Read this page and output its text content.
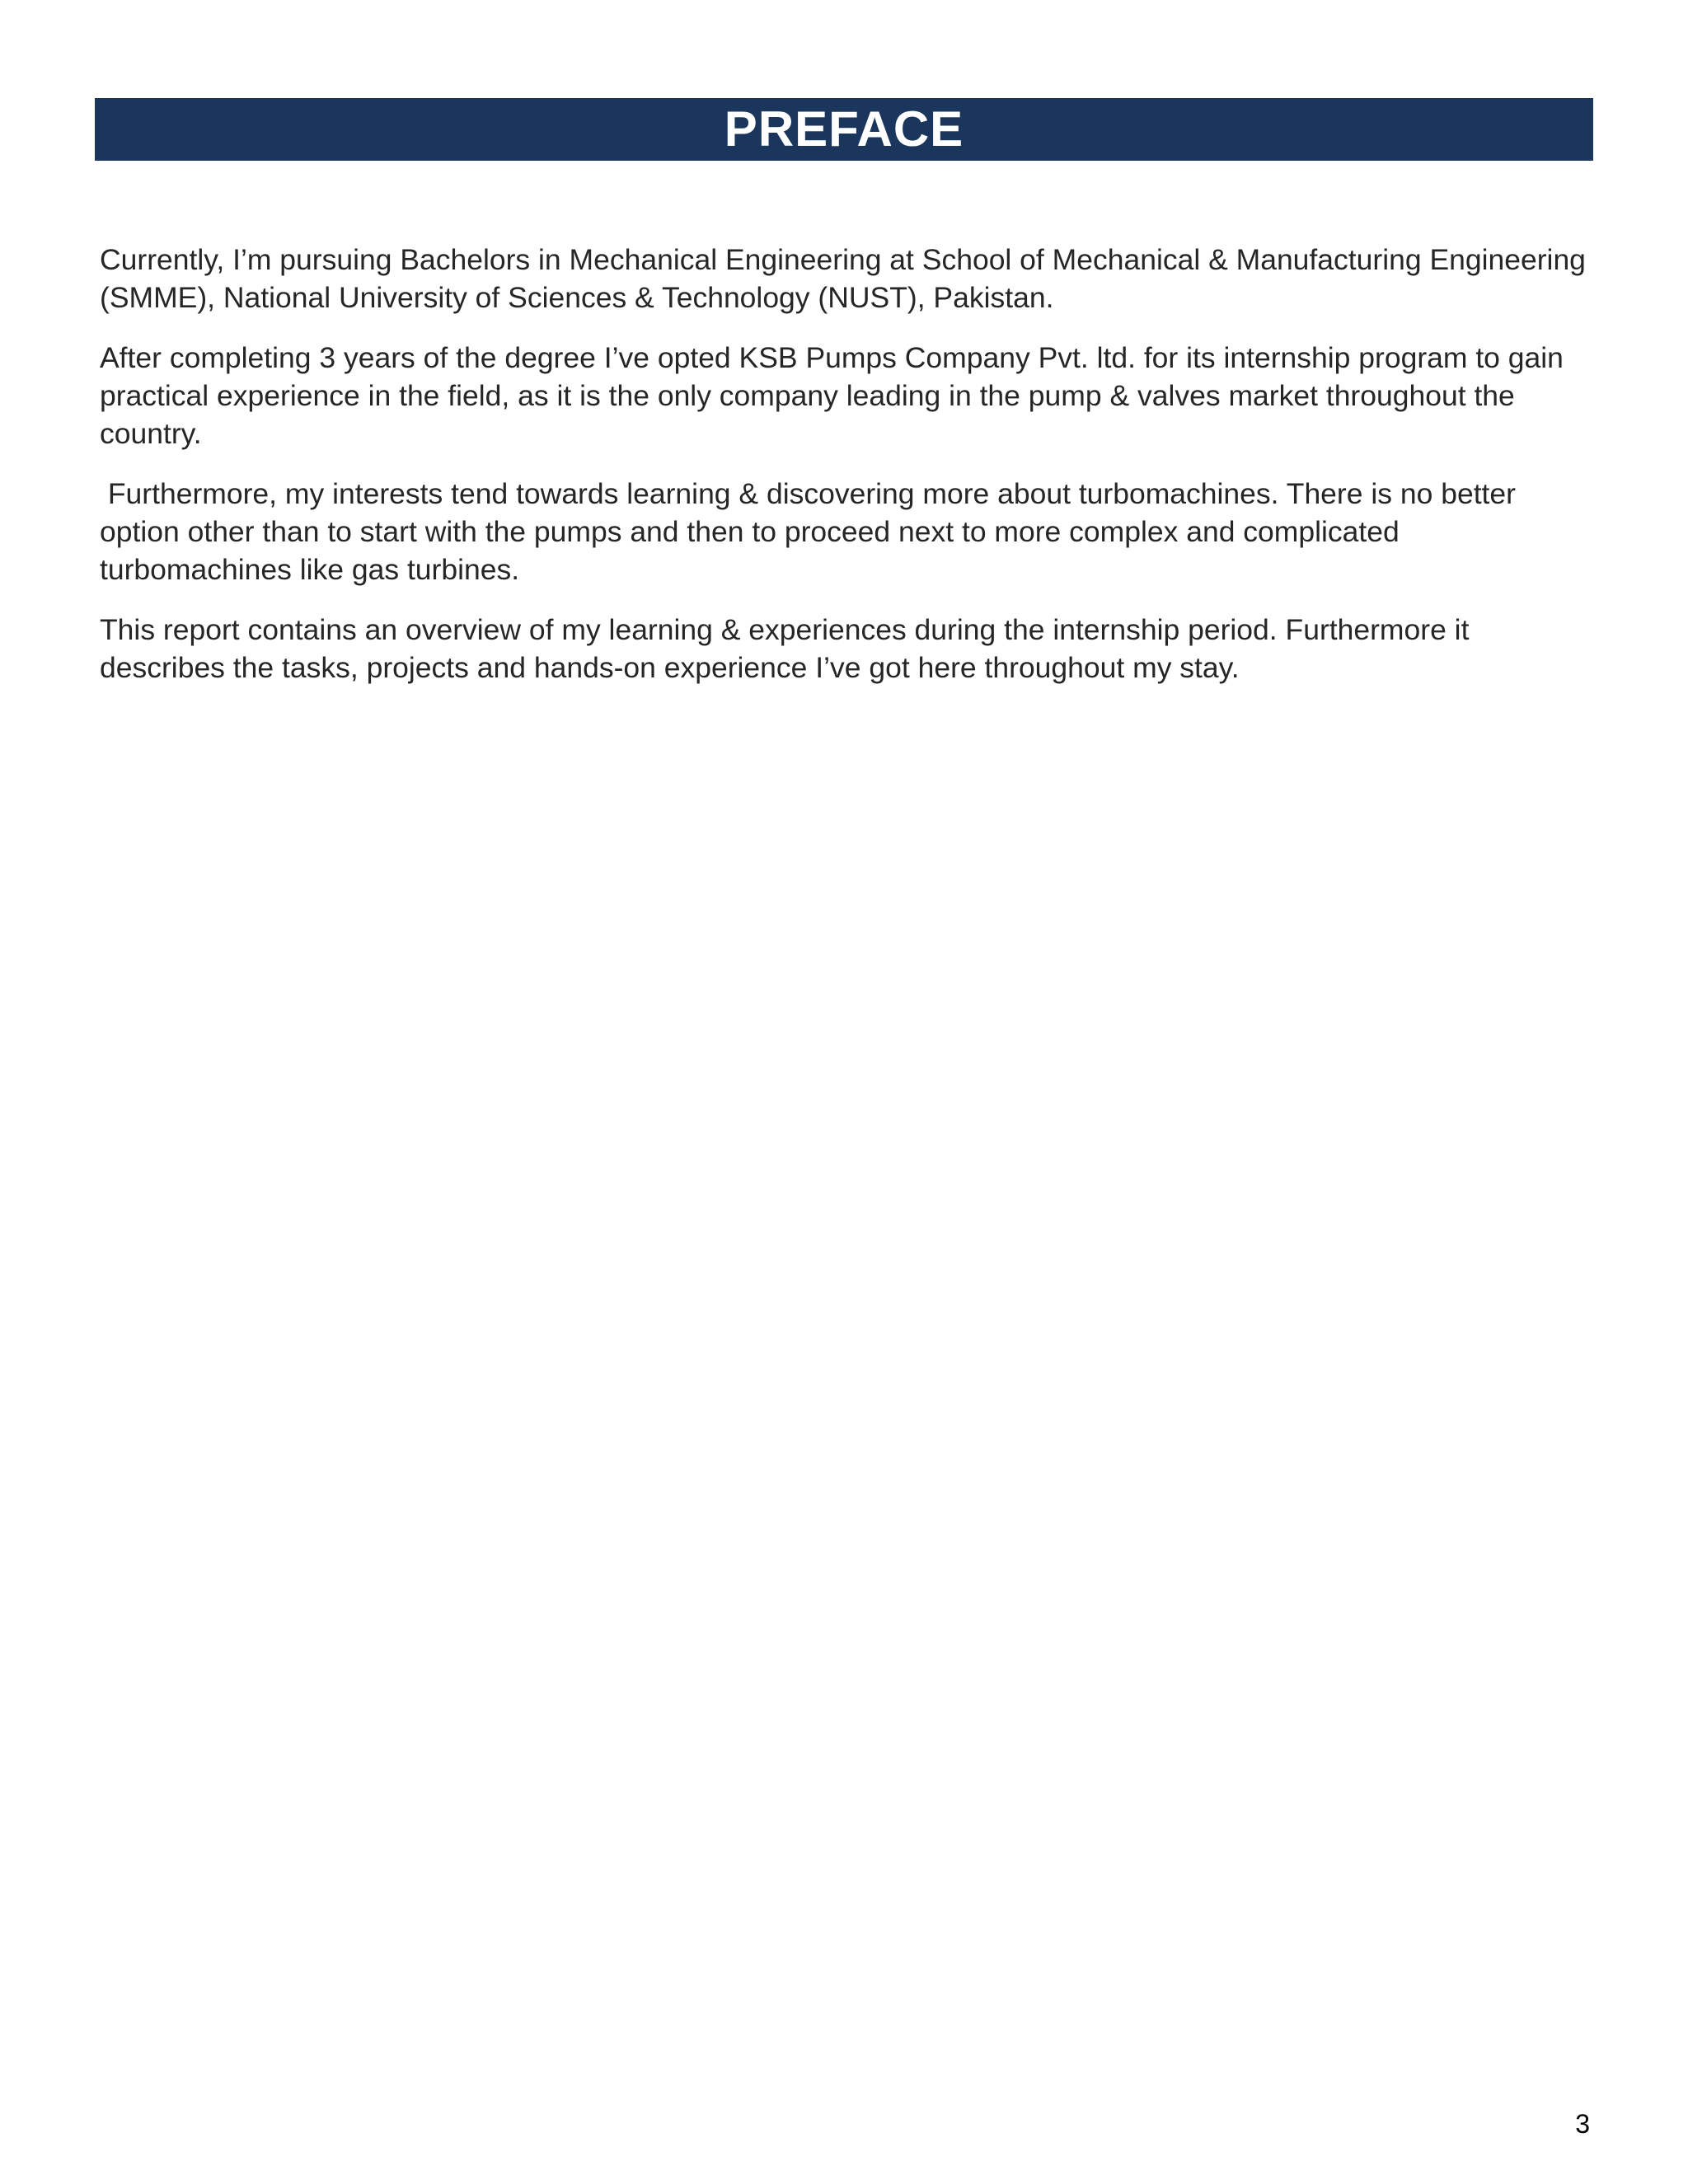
PREFACE

Currently, I’m pursuing Bachelors in Mechanical Engineering at School of Mechanical & Manufacturing Engineering (SMME), National University of Sciences & Technology (NUST), Pakistan.

After completing 3 years of the degree I’ve opted KSB Pumps Company Pvt. ltd. for its internship program to gain practical experience in the field, as it is the only company leading in the pump & valves market throughout the country.

Furthermore, my interests tend towards learning & discovering more about turbomachines. There is no better option other than to start with the pumps and then to proceed next to more complex and complicated turbomachines like gas turbines.

This report contains an overview of my learning & experiences during the internship period. Furthermore it describes the tasks, projects and hands-on experience I’ve got here throughout my stay.

3
